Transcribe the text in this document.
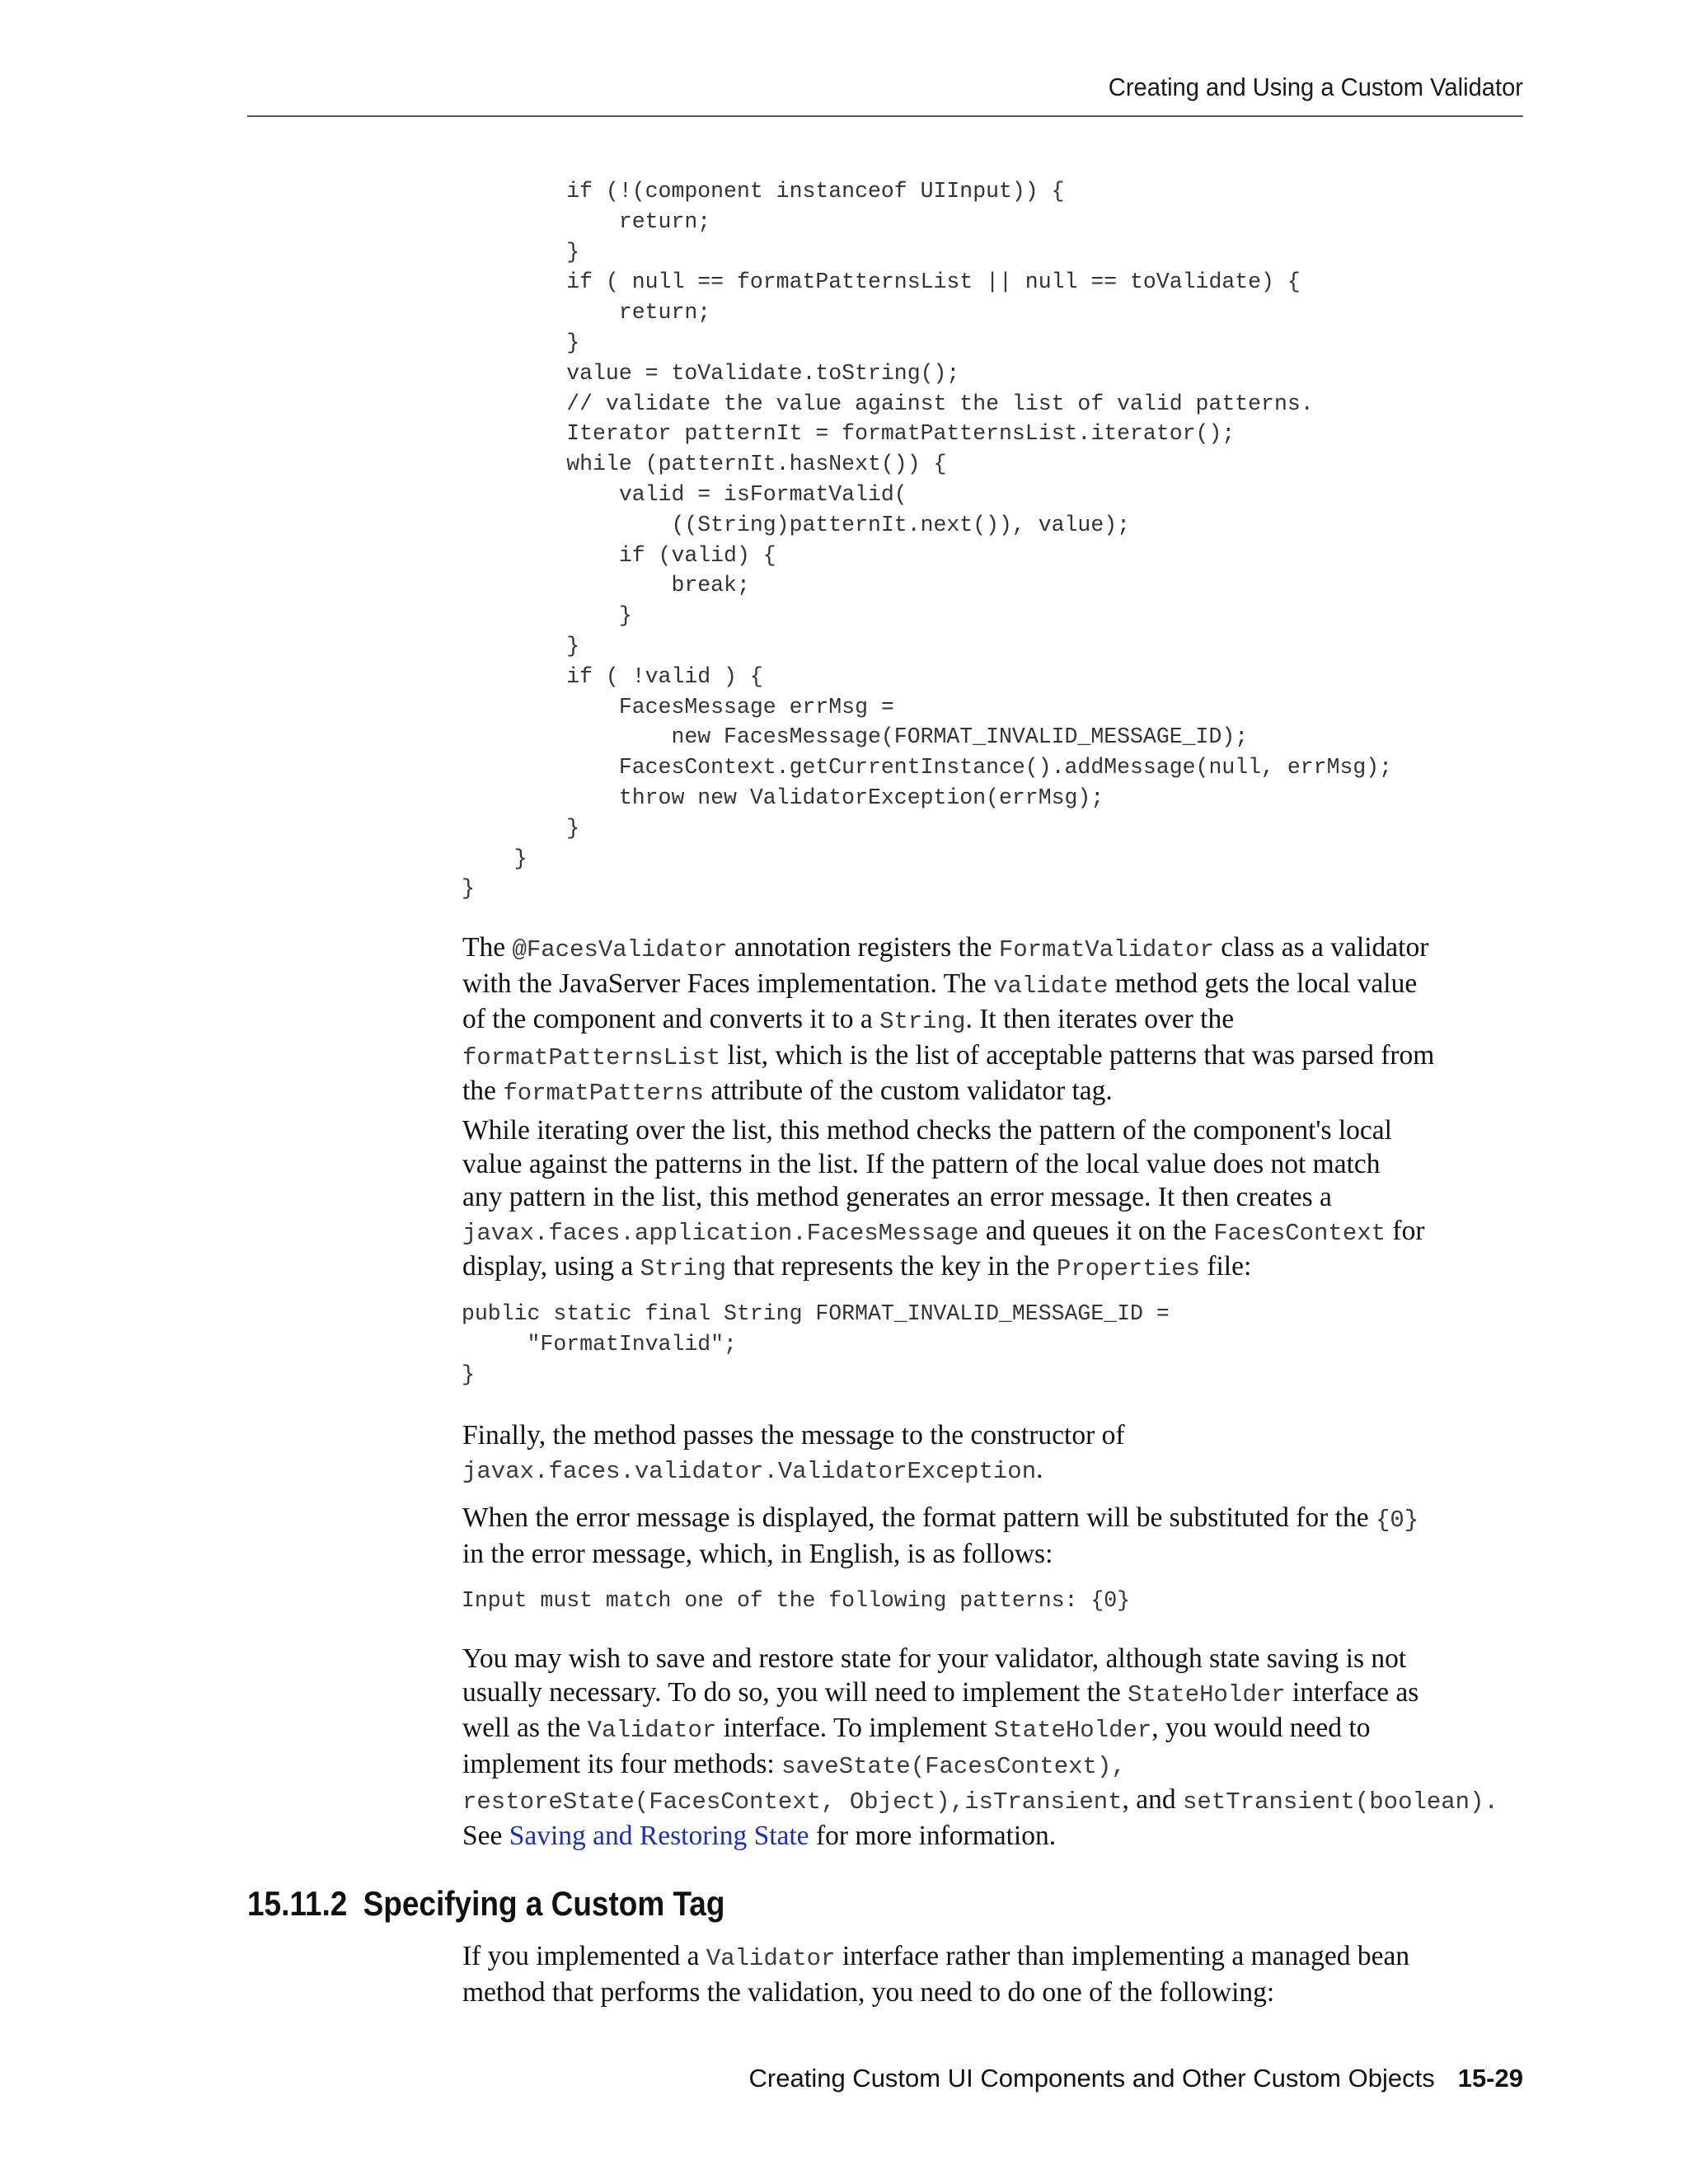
Creating and Using a Custom Validator
if (!(component instanceof UIInput)) {
return;
}
if ( null == formatPatternsList || null == toValidate) {
return;
}
value = toValidate.toString();
// validate the value against the list of valid patterns.
Iterator patternIt = formatPatternsList.iterator();
while (patternIt.hasNext()) {
valid = isFormatValid(
((String)patternIt.next()), value);
if (valid) {
break;
}
}
if ( !valid ) {
FacesMessage errMsg =
new FacesMessage(FORMAT_INVALID_MESSAGE_ID);
FacesContext.getCurrentInstance().addMessage(null, errMsg);
throw new ValidatorException(errMsg);
}
}
}
The @FacesValidator annotation registers the FormatValidator class as a validator
with the JavaServer Faces implementation. The validate method gets the local value
of the component and converts it to a String. It then iterates over the
formatPatternsList list, which is the list of acceptable patterns that was parsed from
the formatPatterns attribute of the custom validator tag.
While iterating over the list, this method checks the pattern of the component's local
value against the patterns in the list. If the pattern of the local value does not match
any pattern in the list, this method generates an error message. It then creates a
javax.faces.application.FacesMessage and queues it on the FacesContext for
display, using a String that represents the key in the Properties file:
public static final String FORMAT_INVALID_MESSAGE_ID =
"FormatInvalid";
}
Finally, the method passes the message to the constructor of
javax.faces.validator.ValidatorException.
When the error message is displayed, the format pattern will be substituted for the {0}
in the error message, which, in English, is as follows:
Input must match one of the following patterns: {0}
You may wish to save and restore state for your validator, although state saving is not
usually necessary. To do so, you will need to implement the StateHolder interface as
well as the Validator interface. To implement StateHolder, you would need to
implement its four methods: saveState(FacesContext),
restoreState(FacesContext, Object),isTransient, and setTransient(boolean).
See Saving and Restoring State for more information.
15.11.2 Specifying a Custom Tag
If you implemented a Validator interface rather than implementing a managed bean
method that performs the validation, you need to do one of the following:
Creating Custom UI Components and Other Custom Objects 15-29
